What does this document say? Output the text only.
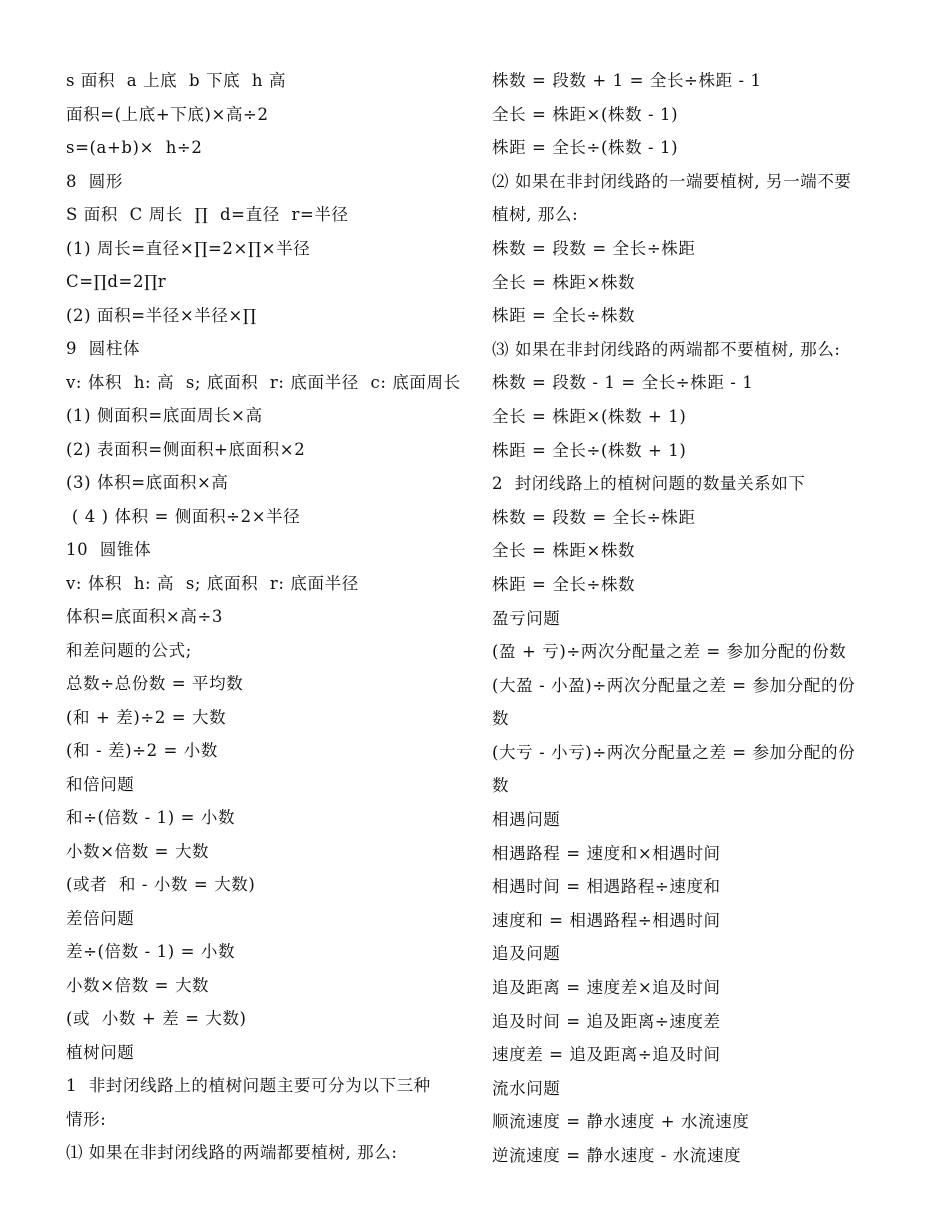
s 面积  a 上底  b 下底  h 高
面积=(上底+下底)×高÷2
s=(a+b)×  h÷2
8  圆形
S 面积  C 周长  ∏  d=直径  r=半径
(1) 周长=直径×∏=2×∏×半径
C=∏d=2∏r
(2) 面积=半径×半径×∏
9  圆柱体
v: 体积  h: 高  s; 底面积  r: 底面半径  c: 底面周长
(1) 侧面积=底面周长×高
(2) 表面积=侧面积+底面积×2
(3) 体积=底面积×高
( 4 ) 体积 = 侧面积÷2×半径
10  圆锥体
v: 体积  h: 高  s; 底面积  r: 底面半径
体积=底面积×高÷3
和差问题的公式;
总数÷总份数 = 平均数
(和 + 差)÷2 = 大数
(和 - 差)÷2 = 小数
和倍问题
和÷(倍数 - 1) = 小数
小数×倍数 = 大数
(或者  和 - 小数 = 大数)
差倍问题
差÷(倍数 - 1) = 小数
小数×倍数 = 大数
(或  小数 + 差 = 大数)
植树问题
1  非封闭线路上的植树问题主要可分为以下三种
情形:
⑴ 如果在非封闭线路的两端都要植树, 那么:
株数 = 段数 + 1 = 全长÷株距 - 1
全长 = 株距×(株数 - 1)
株距 = 全长÷(株数 - 1)
⑵ 如果在非封闭线路的一端要植树, 另一端不要
植树, 那么:
株数 = 段数 = 全长÷株距
全长 = 株距×株数
株距 = 全长÷株数
⑶ 如果在非封闭线路的两端都不要植树, 那么:
株数 = 段数 - 1 = 全长÷株距 - 1
全长 = 株距×(株数 + 1)
株距 = 全长÷(株数 + 1)
2  封闭线路上的植树问题的数量关系如下
株数 = 段数 = 全长÷株距
全长 = 株距×株数
株距 = 全长÷株数
盈亏问题
(盈 + 亏)÷两次分配量之差 = 参加分配的份数
(大盈 - 小盈)÷两次分配量之差 = 参加分配的份
数
(大亏 - 小亏)÷两次分配量之差 = 参加分配的份
数
相遇问题
相遇路程 = 速度和×相遇时间
相遇时间 = 相遇路程÷速度和
速度和 = 相遇路程÷相遇时间
追及问题
追及距离 = 速度差×追及时间
追及时间 = 追及距离÷速度差
速度差 = 追及距离÷追及时间
流水问题
顺流速度 = 静水速度 + 水流速度
逆流速度 = 静水速度 - 水流速度
